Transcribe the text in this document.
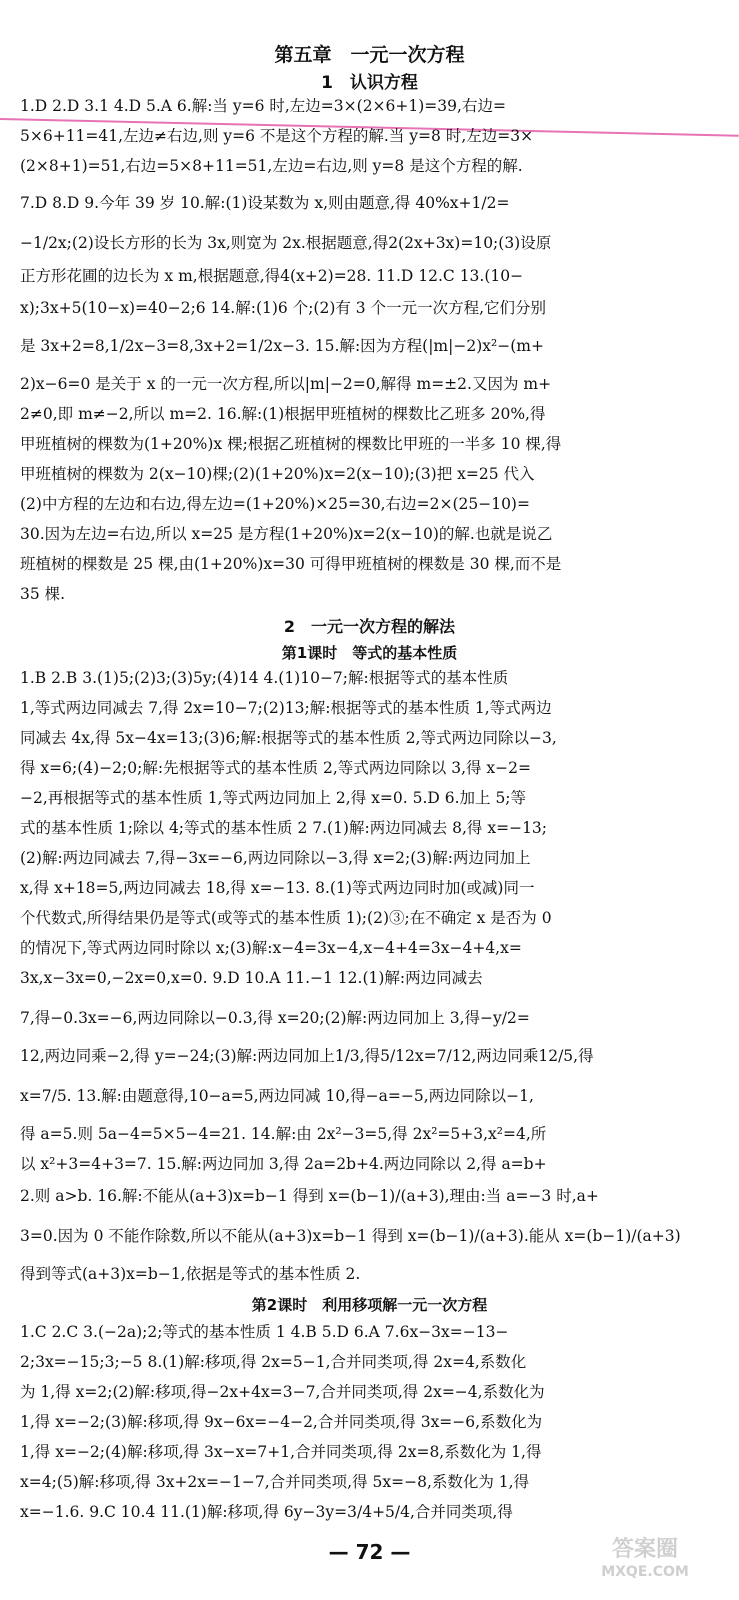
第五章　一元一次方程
1　认识方程
1.D 2.D 3.1 4.D 5.A 6.解:当 y=6 时,左边=3×(2×6+1)=39,右边=
5×6+11=41,左边≠右边,则 y=6 不是这个方程的解.当 y=8 时,左边=3×
(2×8+1)=51,右边=5×8+11=51,左边=右边,则 y=8 是这个方程的解.
7.D 8.D 9.今年 39 岁 10.解:(1)设某数为 x,则由题意,得 40%x+1/2=
−1/2x;(2)设长方形的长为 3x,则宽为 2x.根据题意,得2(2x+3x)=10;(3)设原
正方形花圃的边长为 x m,根据题意,得4(x+2)=28. 11.D 12.C 13.(10−
x);3x+5(10−x)=40−2;6 14.解:(1)6 个;(2)有 3 个一元一次方程,它们分别
是 3x+2=8,1/2x−3=8,3x+2=1/2x−3. 15.解:因为方程(|m|−2)x²−(m+
2)x−6=0 是关于 x 的一元一次方程,所以|m|−2=0,解得 m=±2.又因为 m+
2≠0,即 m≠−2,所以 m=2. 16.解:(1)根据甲班植树的棵数比乙班多 20%,得
甲班植树的棵数为(1+20%)x 棵;根据乙班植树的棵数比甲班的一半多 10 棵,得
甲班植树的棵数为 2(x−10)棵;(2)(1+20%)x=2(x−10);(3)把 x=25 代入
(2)中方程的左边和右边,得左边=(1+20%)×25=30,右边=2×(25−10)=
30.因为左边=右边,所以 x=25 是方程(1+20%)x=2(x−10)的解.也就是说乙
班植树的棵数是 25 棵,由(1+20%)x=30 可得甲班植树的棵数是 30 棵,而不是
35 棵.
2　一元一次方程的解法
第1课时　等式的基本性质
1.B 2.B 3.(1)5;(2)3;(3)5y;(4)14 4.(1)10−7;解:根据等式的基本性质
1,等式两边同减去 7,得 2x=10−7;(2)13;解:根据等式的基本性质 1,等式两边
同减去 4x,得 5x−4x=13;(3)6;解:根据等式的基本性质 2,等式两边同除以−3,
得 x=6;(4)−2;0;解:先根据等式的基本性质 2,等式两边同除以 3,得 x−2=
−2,再根据等式的基本性质 1,等式两边同加上 2,得 x=0. 5.D 6.加上 5;等
式的基本性质 1;除以 4;等式的基本性质 2 7.(1)解:两边同减去 8,得 x=−13;
(2)解:两边同减去 7,得−3x=−6,两边同除以−3,得 x=2;(3)解:两边同加上
x,得 x+18=5,两边同减去 18,得 x=−13. 8.(1)等式两边同时加(或减)同一
个代数式,所得结果仍是等式(或等式的基本性质 1);(2)③;在不确定 x 是否为 0
的情况下,等式两边同时除以 x;(3)解:x−4=3x−4,x−4+4=3x−4+4,x=
3x,x−3x=0,−2x=0,x=0. 9.D 10.A 11.−1 12.(1)解:两边同减去
7,得−0.3x=−6,两边同除以−0.3,得 x=20;(2)解:两边同加上 3,得−y/2=
12,两边同乘−2,得 y=−24;(3)解:两边同加上1/3,得5/12x=7/12,两边同乘12/5,得
x=7/5. 13.解:由题意得,10−a=5,两边同减 10,得−a=−5,两边同除以−1,
得 a=5.则 5a−4=5×5−4=21. 14.解:由 2x²−3=5,得 2x²=5+3,x²=4,所
以 x²+3=4+3=7. 15.解:两边同加 3,得 2a=2b+4.两边同除以 2,得 a=b+
2.则 a>b. 16.解:不能从(a+3)x=b−1 得到 x=(b−1)/(a+3),理由:当 a=−3 时,a+
3=0.因为 0 不能作除数,所以不能从(a+3)x=b−1 得到 x=(b−1)/(a+3).能从 x=(b−1)/(a+3)
得到等式(a+3)x=b−1,依据是等式的基本性质 2.
第2课时　利用移项解一元一次方程
1.C 2.C 3.(−2a);2;等式的基本性质 1 4.B 5.D 6.A 7.6x−3x=−13−
2;3x=−15;3;−5 8.(1)解:移项,得 2x=5−1,合并同类项,得 2x=4,系数化
为 1,得 x=2;(2)解:移项,得−2x+4x=3−7,合并同类项,得 2x=−4,系数化为
1,得 x=−2;(3)解:移项,得 9x−6x=−4−2,合并同类项,得 3x=−6,系数化为
1,得 x=−2;(4)解:移项,得 3x−x=7+1,合并同类项,得 2x=8,系数化为 1,得
x=4;(5)解:移项,得 3x+2x=−1−7,合并同类项,得 5x=−8,系数化为 1,得
x=−1.6. 9.C 10.4 11.(1)解:移项,得 6y−3y=3/4+5/4,合并同类项,得
— 72 —	答案圈
MXQE.COM
